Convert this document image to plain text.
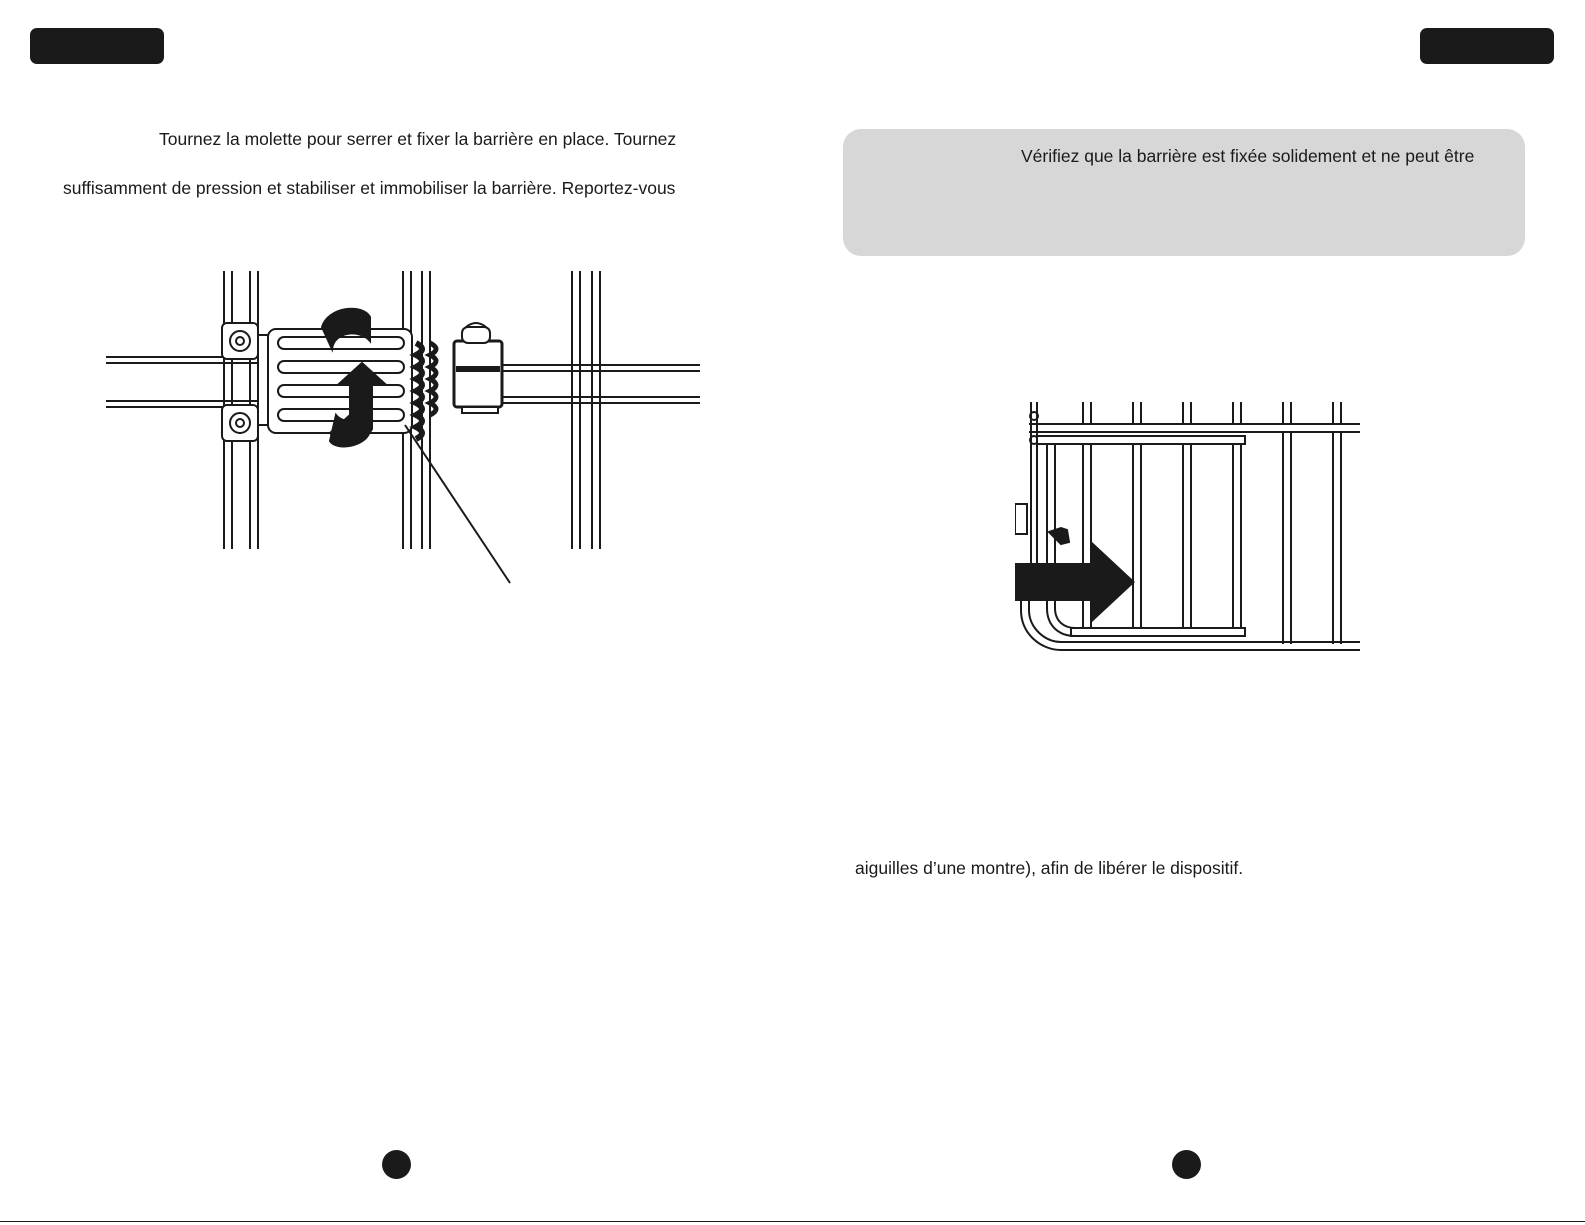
Tournez la molette pour serrer et fixer la barrière en place. Tournez
suffisamment de pression et stabiliser et immobiliser la barrière. Reportez-vous
Vérifiez que la barrière est fixée solidement et ne peut être
aiguilles d’une montre), afin de libérer le dispositif.
